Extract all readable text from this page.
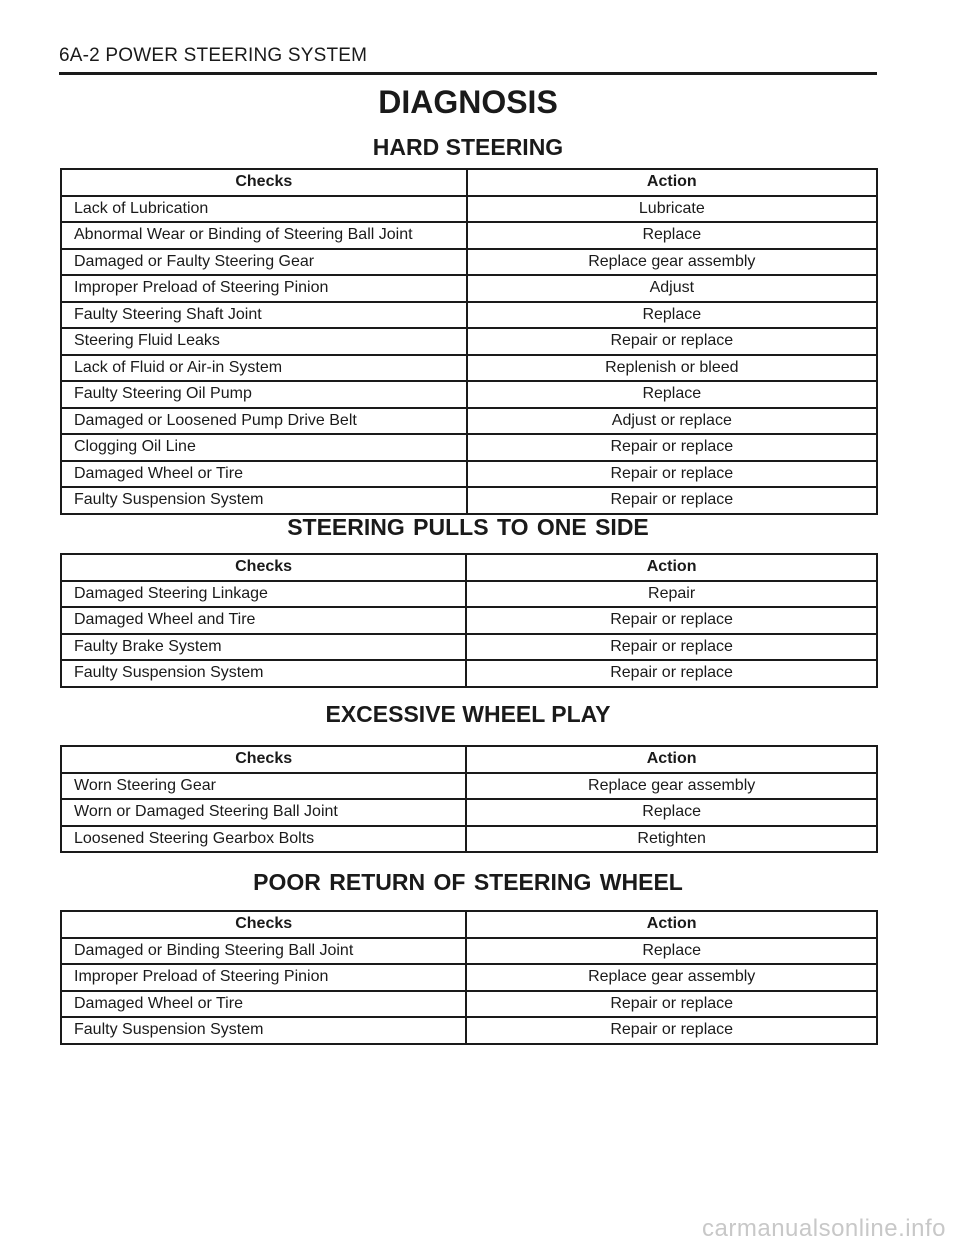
6A-2 POWER STEERING SYSTEM
DIAGNOSIS
HARD STEERING
Checks	Action
Lack of Lubrication	Lubricate
Abnormal Wear or Binding of Steering Ball Joint	Replace
Damaged or Faulty Steering Gear	Replace gear assembly
Improper Preload of Steering Pinion	Adjust
Faulty Steering Shaft Joint	Replace
Steering Fluid Leaks	Repair or replace
Lack of Fluid or Air-in System	Replenish or bleed
Faulty Steering Oil Pump	Replace
Damaged or Loosened Pump Drive Belt	Adjust or replace
Clogging Oil Line	Repair or replace
Damaged Wheel or Tire	Repair or replace
Faulty Suspension System	Repair or replace
STEERING PULLS TO ONE SIDE
Checks	Action
Damaged Steering Linkage	Repair
Damaged Wheel and Tire	Repair or replace
Faulty Brake System	Repair or replace
Faulty Suspension System	Repair or replace
EXCESSIVE WHEEL PLAY
Checks	Action
Worn Steering Gear	Replace gear assembly
Worn or Damaged Steering Ball Joint	Replace
Loosened Steering Gearbox Bolts	Retighten
POOR RETURN OF STEERING WHEEL
Checks	Action
Damaged or Binding Steering Ball Joint	Replace
Improper Preload of Steering Pinion	Replace gear assembly
Damaged Wheel or Tire	Repair or replace
Faulty Suspension System	Repair or replace
carmanualsonline.info
